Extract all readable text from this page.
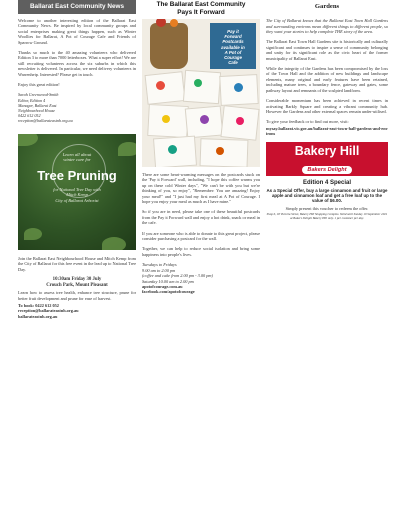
Ballarat East Community News

Welcome to another interesting edition of the Ballarat East Community News. Be inspired by local community groups and social enterprises making great things happen, such as Winter Woollies for Ballarat, A Pot of Courage Cafe and Friends of Sparrow Ground.

Thanks so much to the 40 amazing volunteers who delivered Edition 3 to more than 7000 letterboxes. What a super effort! We are still recruiting volunteers across the six suburbs in which this newsletter is delivered. In particular, we need delivery volunteers in Warrenheip. Interested? Please get in touch.

Enjoy this great edition!

Sarah Greenwood-Smith
Editor, Edition 4
Manager, Ballarat East
Neighbourhood House
0422 612 052
reception@ballarateastnh.org.au
Learn all about
winter care for
Tree Pruning
for National Tree Day with
Mitch Kemp
City of Ballarat Arborist

Join the Ballarat East Neighbourhood House and Mitch Kemp from the City of Ballarat for this free event in the lead up to National Tree Day.

10:30am Friday 30 July

Crouch Park, Mount Pleasant

Learn how to assess tree health, enhance tree structure, prune for better fruit development and prune for ease of harvest.

To book: 0422 612 052

reception@ballarateastnh.org.au

ballarateastnh.org.au

The Ballarat East Community
Pays It Forward
Pay it
Forward
Postcards
available in
A Pot of
Courage
Cafe

There are some heart-warming messages on the postcards stuck on the 'Pay it Forward' wall, including, "I hope this coffee warms you up on these cold Winter days", "We can't be with you but we're thinking of you, so enjoy", "Remember: You are amazing! Enjoy your meal!" and "I just had my first meal at A Pot of Courage. I hope you enjoy your meal as much as I have mine."

So if you are in need, please take one of these beautiful postcards from the Pay it Forward wall and enjoy a hot drink, snack or meal in the cafe.

If you are someone who is able to donate to this great project, please consider purchasing a postcard for the wall.

Together, we can help to reduce social isolation and bring some happiness into people's lives.

Tuesdays to Fridays
9.00 am to 2.00 pm
(coffee and cake from 2.00 pm - 3.00 pm)
Saturday 10.00 am to 2.00 pm
apotofcourage.com.au
facebook.com/apotofcourage
Gardens

The City of Ballarat knows that the Ballarat East Town Hall Gardens and surrounding environs mean different things to different people, so they want your stories to help complete THE story of the area.

The Ballarat East Town Hall Gardens site is historically and culturally significant and continues to inspire a sense of community belonging and unity for its significant role as the civic heart of the former municipality of Ballarat East.

While the integrity of the Gardens has been compromised by the loss of the Town Hall and the addition of new buildings and landscape elements, many original and early features have been retained, including mature trees, a boundary fence, gateway and gates, some pathway layout and remnants of the sculpted landform.

Considerable momentum has been achieved in recent times in activating Barkly Square and creating a vibrant community hub. However the Gardens and other external spaces remain under-utilised.

To give your feedback or to find out more, visit:

mysay.ballarat.vic.gov.au/ballarat-east-town-hall-gardens-and-environs

Bakery Hill
Bakers Delight
Baking fresh daily
Edition 4 Special
As a Special Offer, buy a large cinnamon and fruit or large apple and cinnamon loaf and get a free loaf up to the value of $6.00.
Simply present this voucher to redeem the offer.
Shop 6, 18 Victoria Street, Bakery Hill Shopping Complex. Valid until Sunday 19 September 2021 at Bakers Delight Bakery Hill only. 1 per customer per day.
